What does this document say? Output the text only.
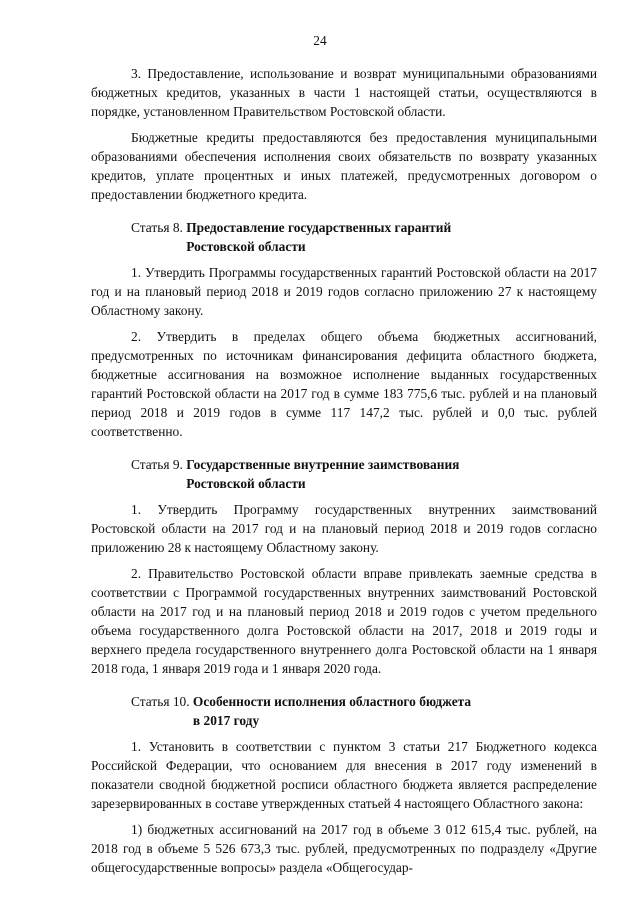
24

3. Предоставление, использование и возврат муниципальными образованиями бюджетных кредитов, указанных в части 1 настоящей статьи, осуществляются в порядке, установленном Правительством Ростовской области.

Бюджетные кредиты предоставляются без предоставления муниципальными образованиями обеспечения исполнения своих обязательств по возврату указанных кредитов, уплате процентных и иных платежей, предусмотренных договором о предоставлении бюджетного кредита.

Статья 8. Предоставление государственных гарантий
Ростовской области

1. Утвердить Программы государственных гарантий Ростовской области на 2017 год и на плановый период 2018 и 2019 годов согласно приложению 27 к настоящему Областному закону.

2. Утвердить в пределах общего объема бюджетных ассигнований, предусмотренных по источникам финансирования дефицита областного бюджета, бюджетные ассигнования на возможное исполнение выданных государственных гарантий Ростовской области на 2017 год в сумме 183 775,6 тыс. рублей и на плановый период 2018 и 2019 годов в сумме 117 147,2 тыс. рублей и 0,0 тыс. рублей соответственно.

Статья 9. Государственные внутренние заимствования
Ростовской области

1. Утвердить Программу государственных внутренних заимствований Ростовской области на 2017 год и на плановый период 2018 и 2019 годов согласно приложению 28 к настоящему Областному закону.

2. Правительство Ростовской области вправе привлекать заемные средства в соответствии с Программой государственных внутренних заимствований Ростовской области на 2017 год и на плановый период 2018 и 2019 годов с учетом предельного объема государственного долга Ростовской области на 2017, 2018 и 2019 годы и верхнего предела государственного внутреннего долга Ростовской области на 1 января 2018 года, 1 января 2019 года и 1 января 2020 года.

Статья 10. Особенности исполнения областного бюджета
в 2017 году

1. Установить в соответствии с пунктом 3 статьи 217 Бюджетного кодекса Российской Федерации, что основанием для внесения в 2017 году изменений в показатели сводной бюджетной росписи областного бюджета является распределение зарезервированных в составе утвержденных статьей 4 настоящего Областного закона:

1) бюджетных ассигнований на 2017 год в объеме 3 012 615,4 тыс. рублей, на 2018 год в объеме 5 526 673,3 тыс. рублей, предусмотренных по подразделу «Другие общегосударственные вопросы» раздела «Общегосудар-
